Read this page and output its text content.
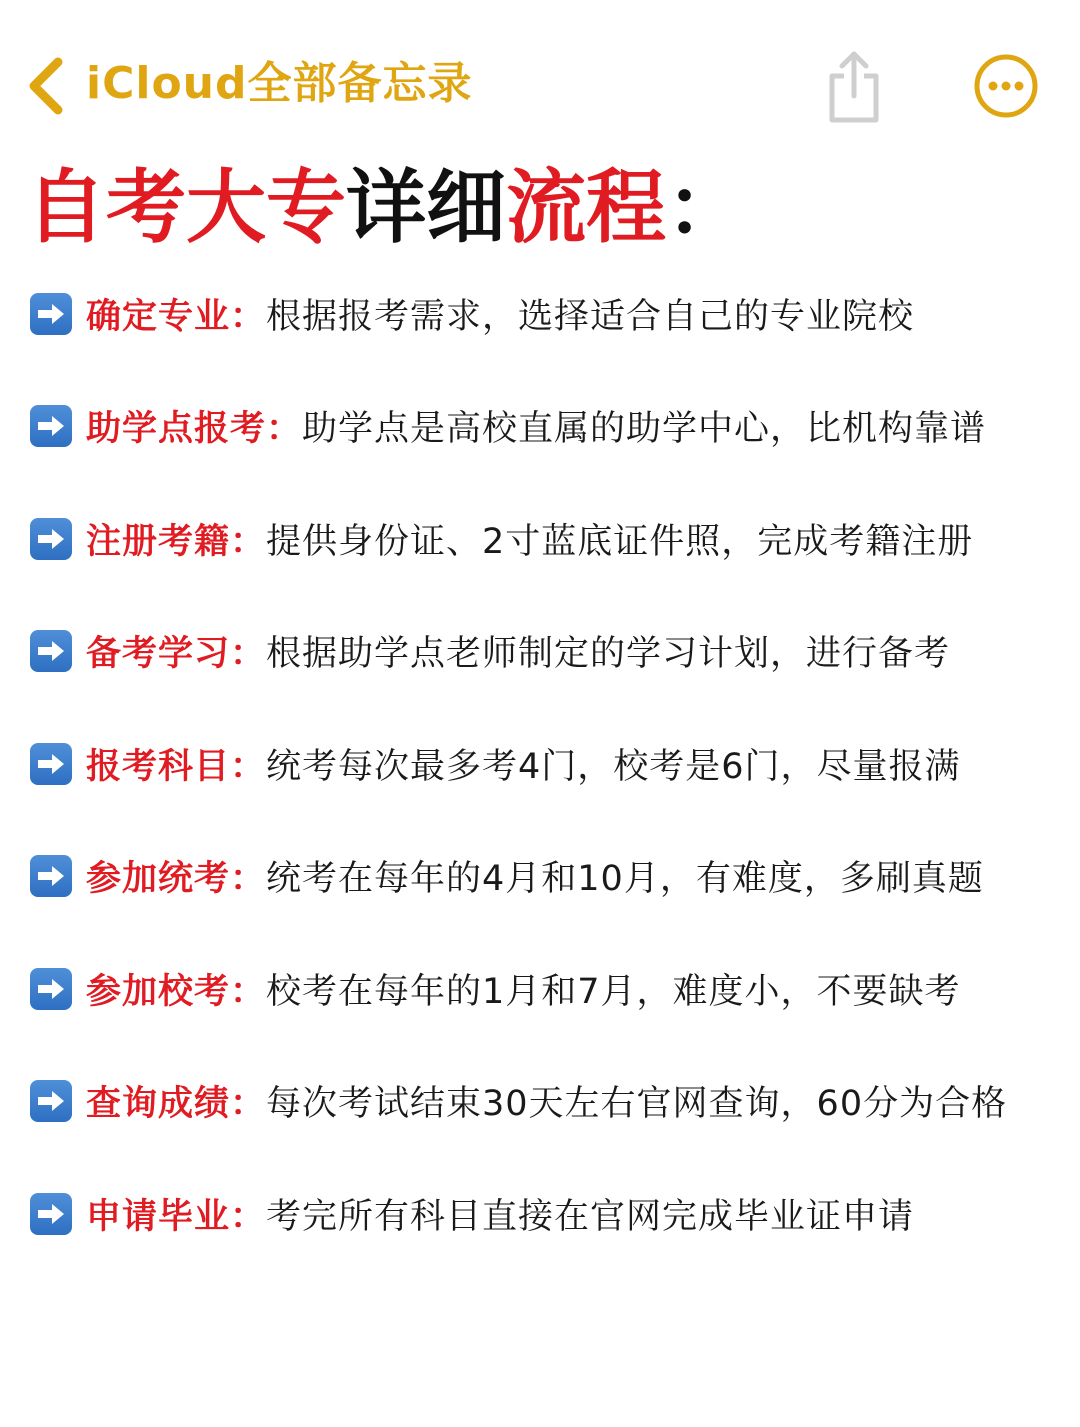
iCloud全部备忘录
自考大专详细流程：
确定专业： 根据报考需求，选择适合自己的专业院校
助学点报考： 助学点是高校直属的助学中心，比机构靠谱
注册考籍： 提供身份证、2寸蓝底证件照，完成考籍注册
备考学习： 根据助学点老师制定的学习计划，进行备考
报考科目： 统考每次最多考4门，校考是6门，尽量报满
参加统考： 统考在每年的4月和10月，有难度，多刷真题
参加校考： 校考在每年的1月和7月，难度小，不要缺考
查询成绩： 每次考试结束30天左右官网查询，60分为合格
申请毕业： 考完所有科目直接在官网完成毕业证申请
